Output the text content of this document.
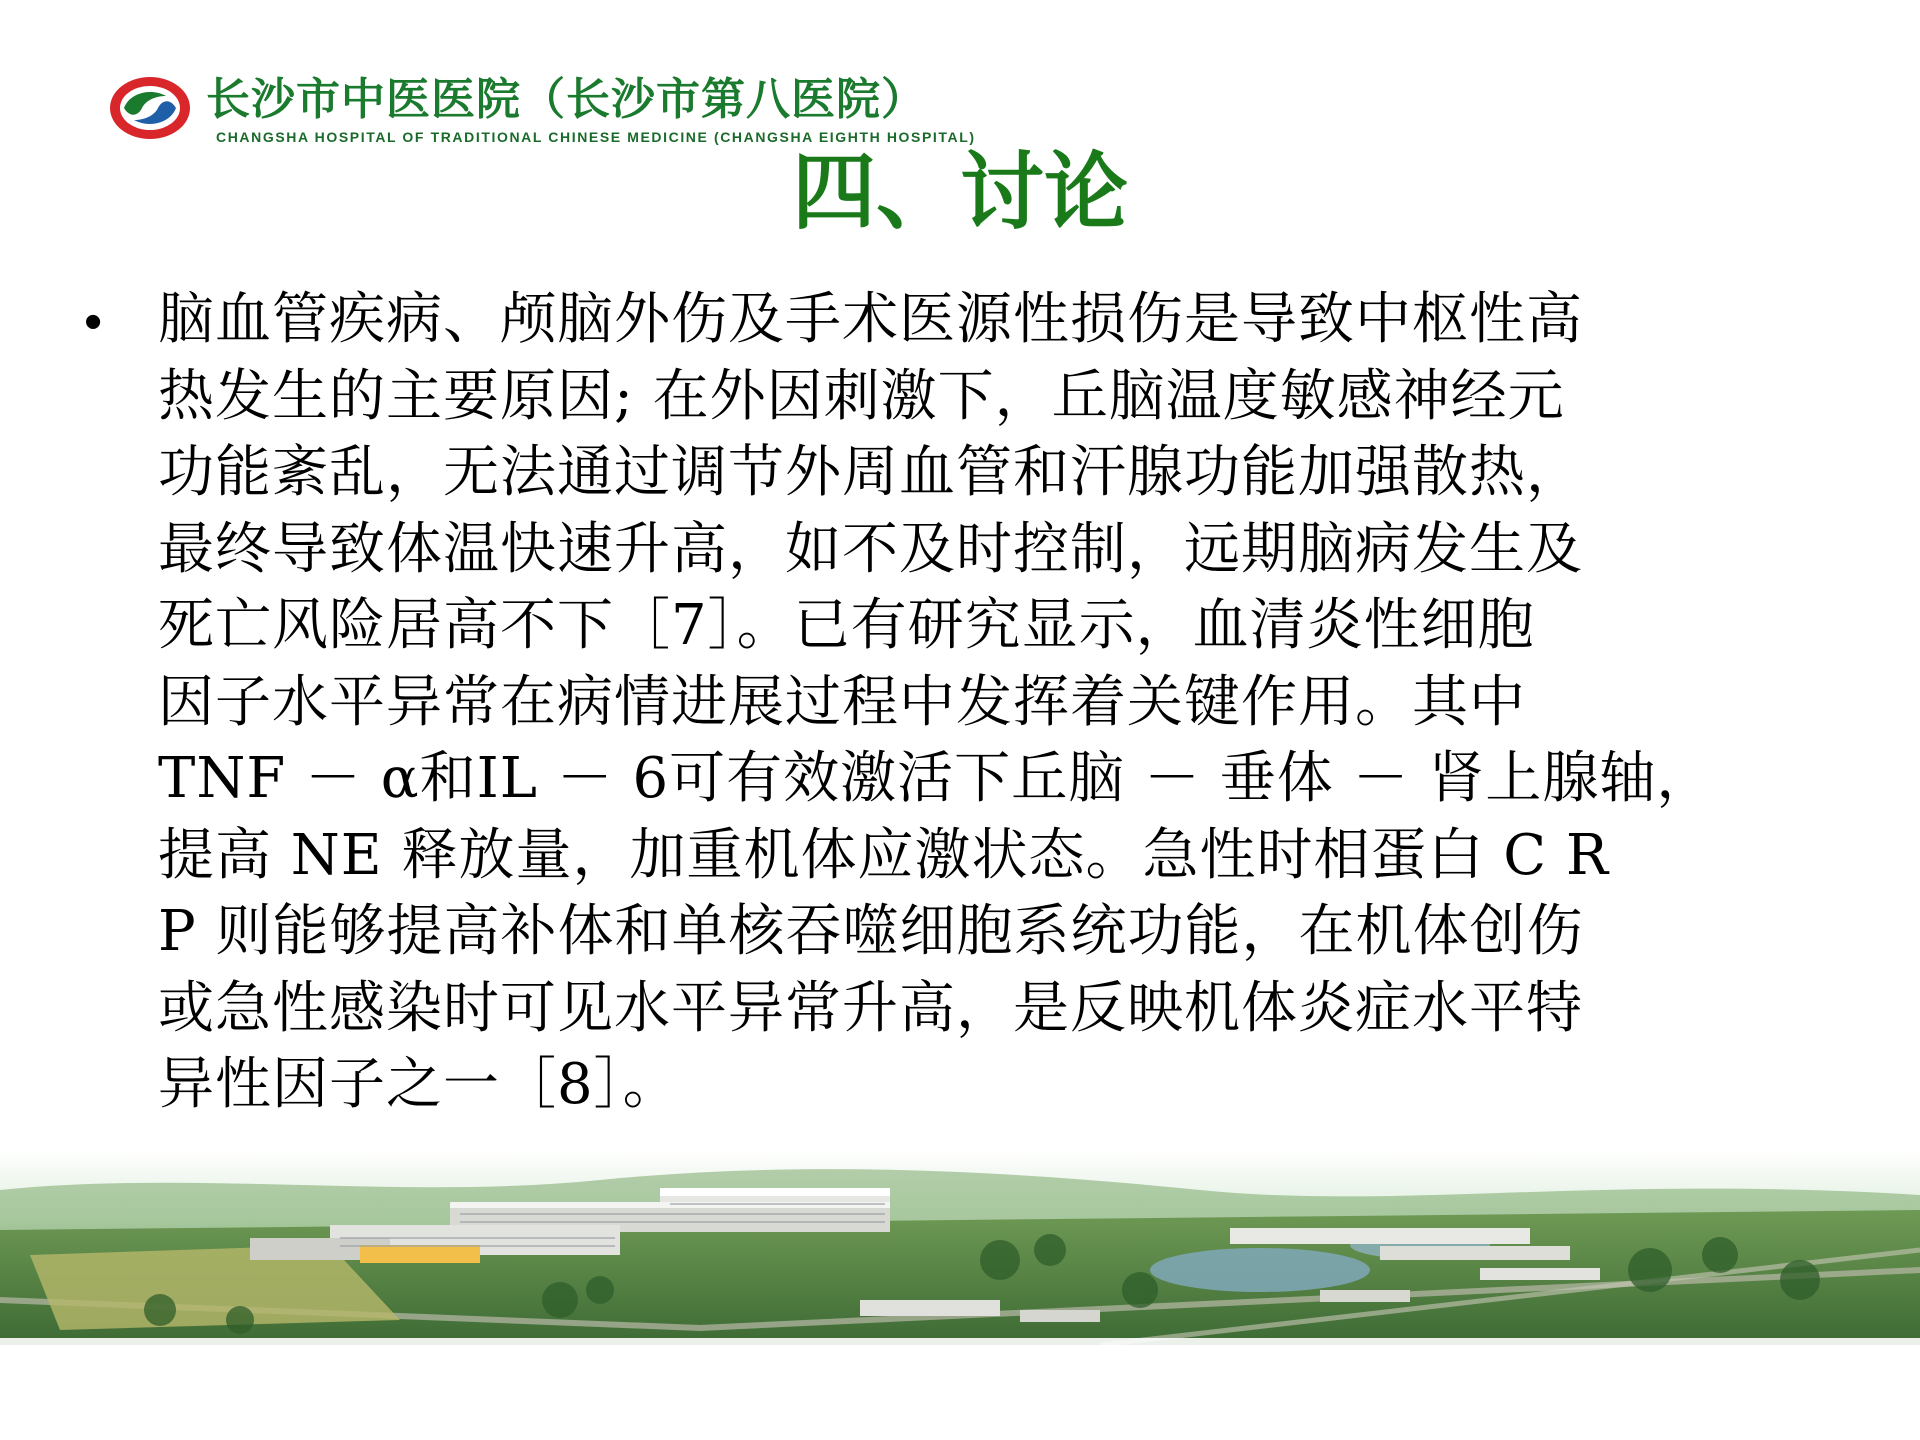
长沙市中医医院（长沙市第八医院）
CHANGSHA HOSPITAL OF TRADITIONAL CHINESE MEDICINE (CHANGSHA EIGHTH HOSPITAL)
四、讨论
• 脑血管疾病、颅脑外伤及手术医源性损伤是导致中枢性高
热发生的主要原因; 在外因刺激下，丘脑温度敏感神经元
功能紊乱，无法通过调节外周血管和汗腺功能加强散热，
最终导致体温快速升高，如不及时控制，远期脑病发生及
死亡风险居高不下［7］。已有研究显示，血清炎性细胞
因子水平异常在病情进展过程中发挥着关键作用。其中
TNF － α和IL － 6可有效激活下丘脑 － 垂体 － 肾上腺轴，
提高 NE 释放量，加重机体应激状态。急性时相蛋白 C R
P 则能够提高补体和单核吞噬细胞系统功能，在机体创伤
或急性感染时可见水平异常升高，是反映机体炎症水平特
异性因子之一［8］。
